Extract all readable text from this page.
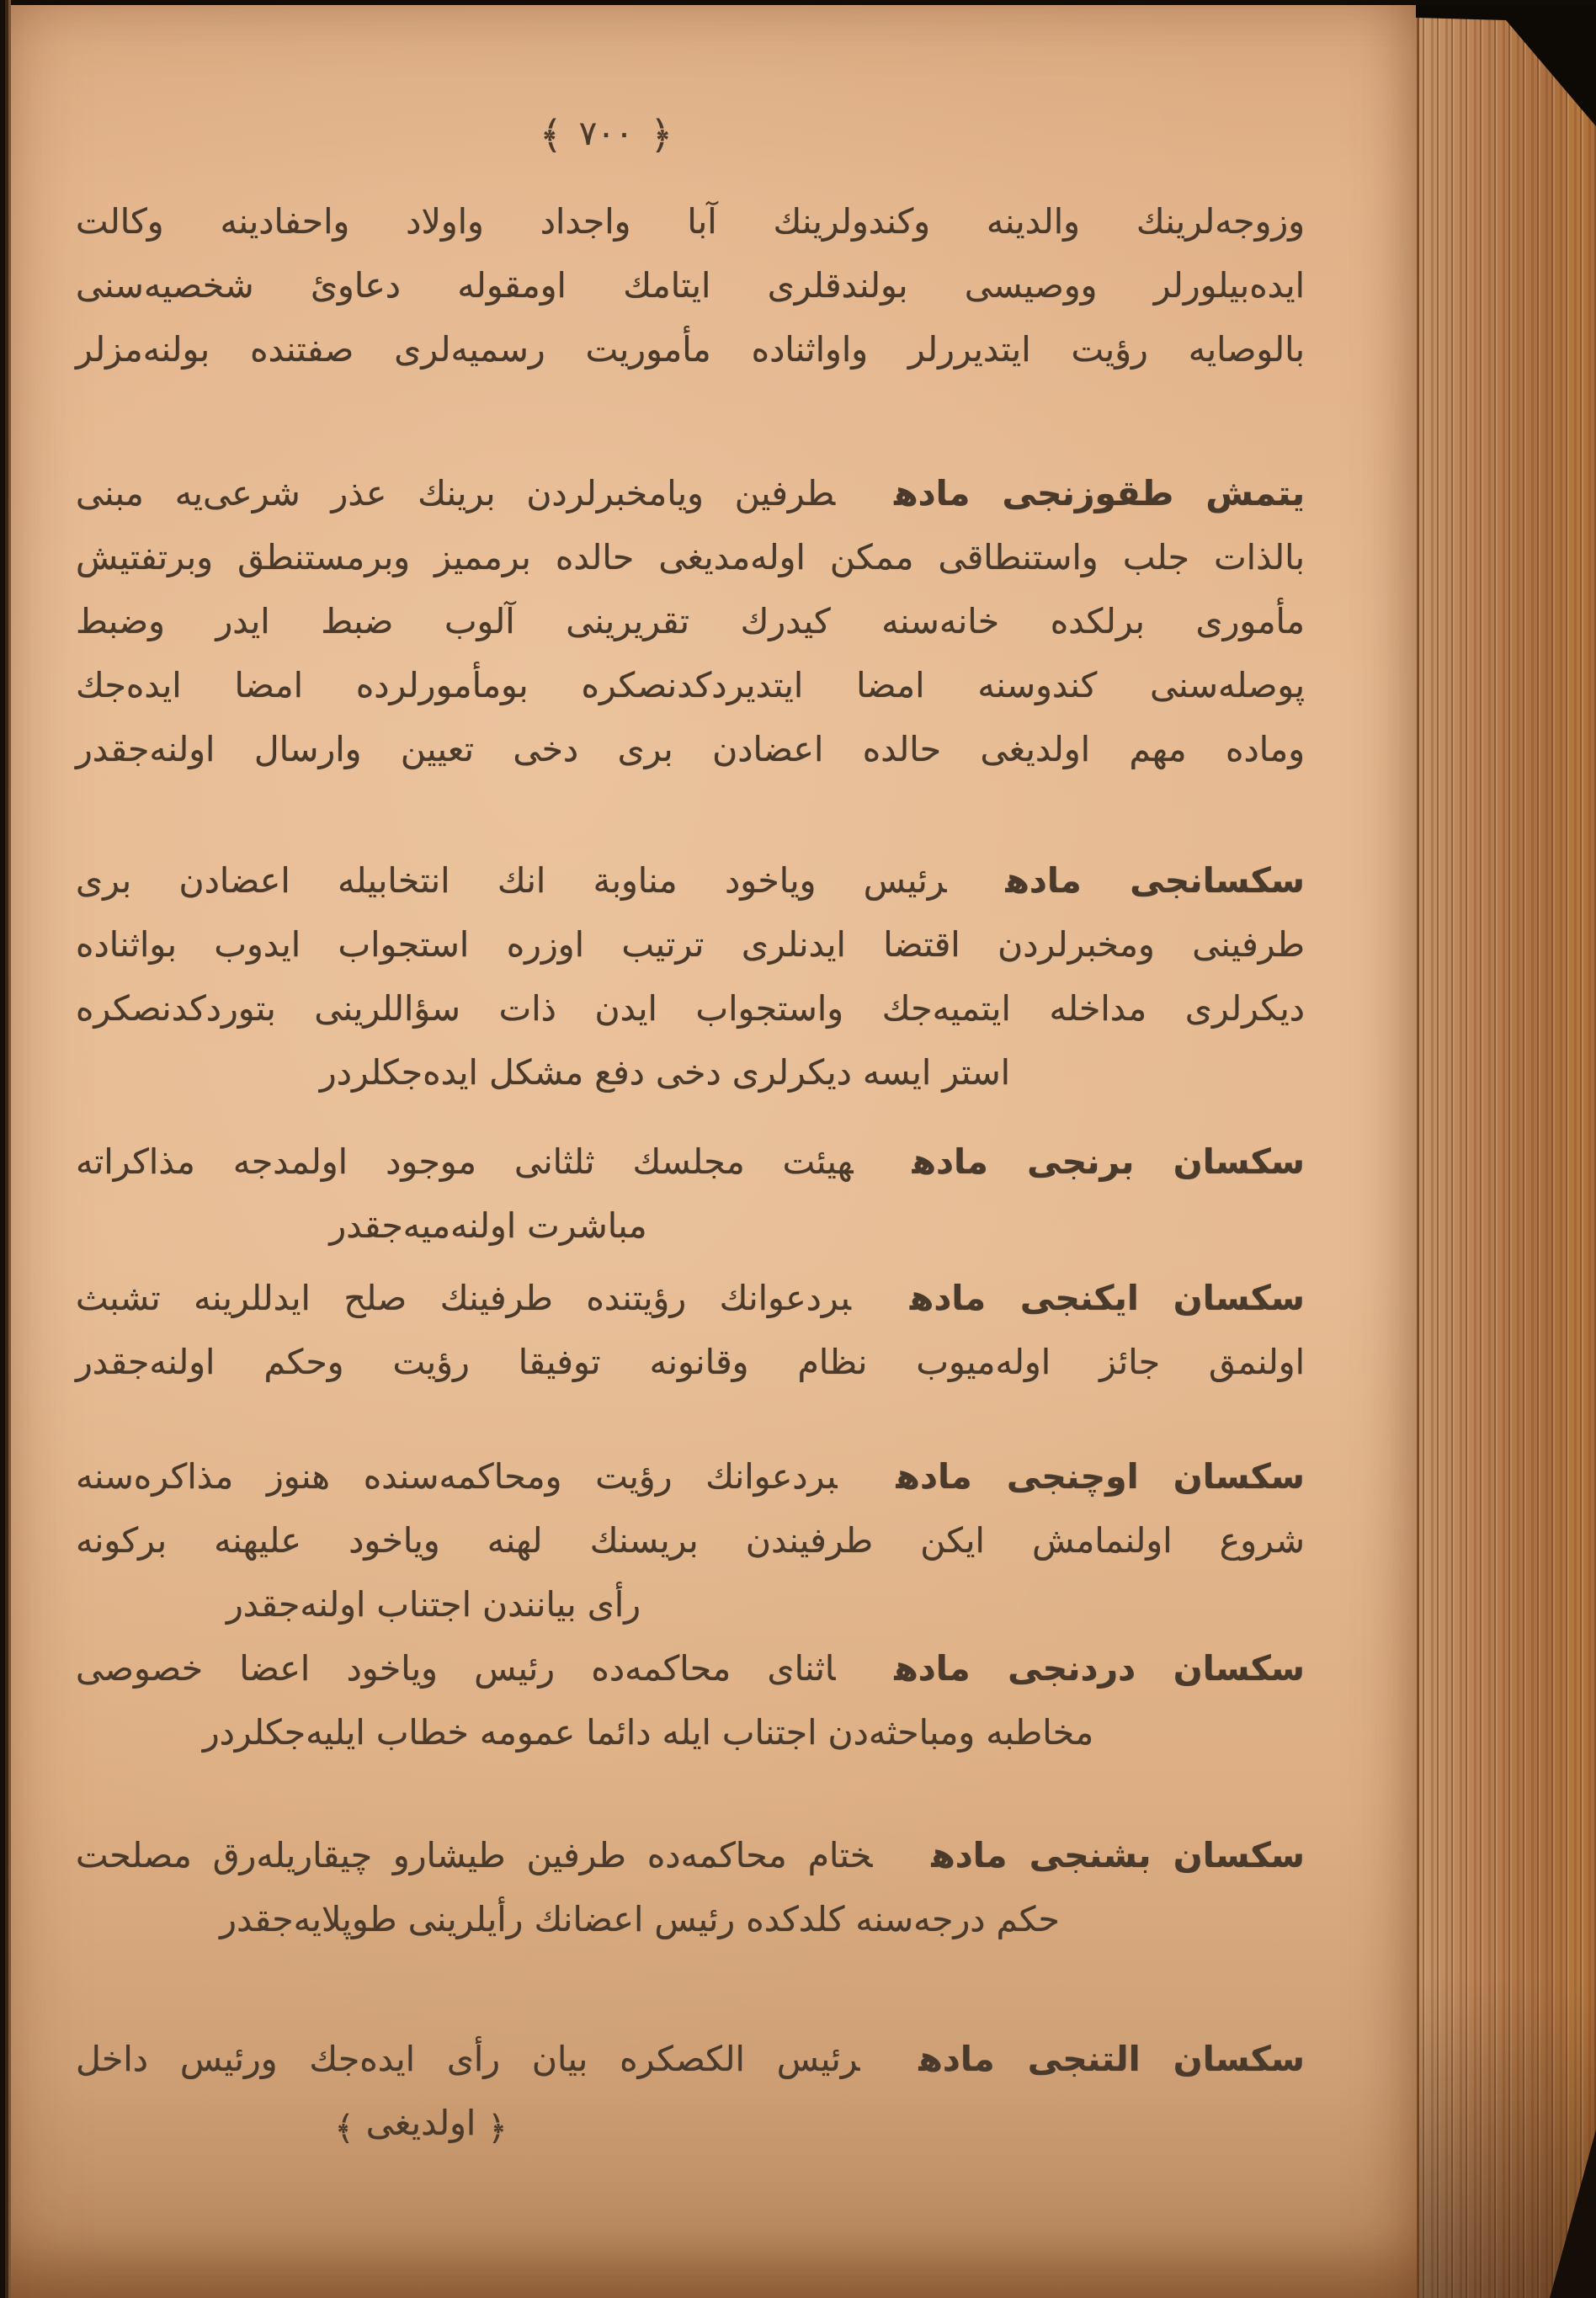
﴾ ٧٠٠ ﴿
وزوجه‌لرينك والدينه وكندولرينك آبا واجداد واولاد واحفادينه وكالت
ايده‌بيلورلر ووصيسى بولندقلرى ايتامك اومقوله دعاوئ شخصيه‌سنى
بالوصايه رؤيت ايتديررلر واواثناده مأموريت رسميه‌لرى صفتنده بولنه‌مزلر
يتمش طقوزنجى مادهطرفين ويامخبرلردن برينك عذر شرعى‌يه مبنى
بالذات جلب واستنطاقى ممكن اوله‌مديغى حالده برمميز وبرمستنطق وبرتفتيش
مأمورى برلكده خانه‌سنه كيدرك تقريرينى آلوب ضبط ايدر وضبط
پوصله‌سنى كندوسنه امضا ايتديردكدنصكره بومأمورلرده امضا ايده‌جك
وماده مهم اولديغى حالده اعضادن برى دخى تعيين وارسال اولنه‌جقدر
سكسانجى مادهرئيس وياخود مناوبة انك انتخابيله اعضادن برى
طرفينى ومخبرلردن اقتضا ايدنلرى ترتيب اوزره استجواب ايدوب بواثناده
ديكرلرى مداخله ايتميه‌جك واستجواب ايدن ذات سؤاللرينى بتوردكدنصكره
استر ايسه ديكرلرى دخى دفع مشكل ايده‌جكلردر
سكسان برنجى مادههيئت مجلسك ثلثانى موجود اولمدجه مذاكراته
مباشرت اولنه‌ميه‌جقدر
سكسان ايكنجى مادهبردعوانك رؤيتنده طرفينك صلح ايدللرينه تشبث
اولنمق جائز اوله‌ميوب نظام وقانونه توفيقا رؤيت وحكم اولنه‌جقدر
سكسان اوچنجى مادهبردعوانك رؤيت ومحاكمه‌سنده هنوز مذاكره‌سنه
شروع اولنمامش ايكن طرفيندن بريسنك لهنه وياخود عليهنه بركونه
رأى بيانندن اجتناب اولنه‌جقدر
سكسان دردنجى مادهاثناى محاكمه‌ده رئيس وياخود اعضا خصوصى
مخاطبه ومباحثه‌دن اجتناب ايله دائما عمومه خطاب ايليه‌جكلردر
سكسان بشنجى مادهختام محاكمه‌ده طرفين طيشارو چيقاريله‌رق مصلحت
حكم درجه‌سنه كلدكده رئيس اعضانك رأيلرينى طوپلايه‌جقدر
سكسان التنجى مادهرئيس الكصكره بيان رأى ايده‌جك ورئيس داخل
﴾ اولديغى ﴿
